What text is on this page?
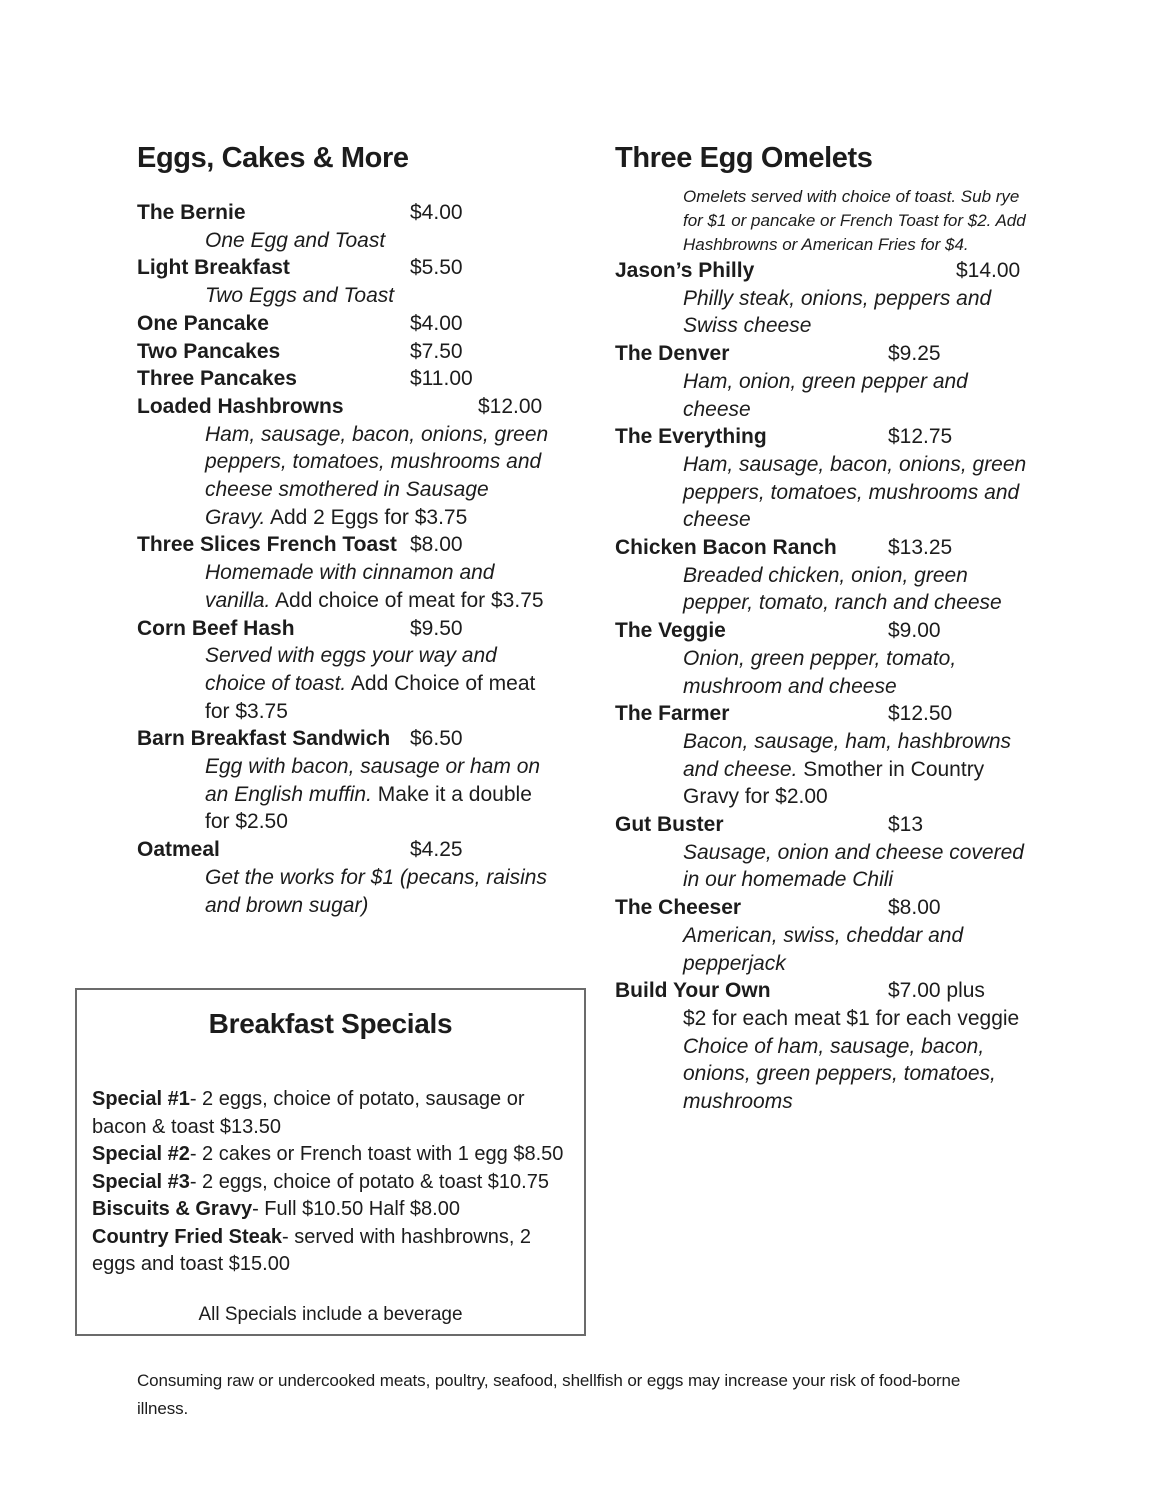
Eggs, Cakes & More
The Bernie	$4.00

One Egg and Toast

Light Breakfast	$5.50

Two Eggs and Toast

One Pancake	$4.00
Two Pancakes	$7.50
Three Pancakes	$11.00
Loaded Hashbrowns	$12.00

Ham, sausage, bacon, onions, green peppers, tomatoes, mushrooms and cheese smothered in Sausage Gravy. Add 2 Eggs for $3.75

Three Slices French Toast $8.00

Homemade with cinnamon and vanilla. Add choice of meat for $3.75

Corn Beef Hash	$9.50

Served with eggs your way and choice of toast. Add Choice of meat for $3.75

Barn Breakfast Sandwich $6.50

Egg with bacon, sausage or ham on an English muffin. Make it a double for $2.50

Oatmeal	$4.25

Get the works for $1 (pecans, raisins and brown sugar)

Three Egg Omelets

Omelets served with choice of toast. Sub rye for $1 or pancake or French Toast for $2. Add Hashbrowns or American Fries for $4.

Jason’s Philly	$14.00

Philly steak, onions, peppers and Swiss cheese

The Denver	$9.25

Ham, onion, green pepper and cheese

The Everything	$12.75

Ham, sausage, bacon, onions, green peppers, tomatoes, mushrooms and cheese

Chicken Bacon Ranch	$13.25

Breaded chicken, onion, green pepper, tomato, ranch and cheese

The Veggie	$9.00

Onion, green pepper, tomato, mushroom and cheese

The Farmer	$12.50

Bacon, sausage, ham, hashbrowns and cheese. Smother in Country Gravy for $2.00

Gut Buster	$13

Sausage, onion and cheese covered in our homemade Chili

The Cheeser	$8.00

American, swiss, cheddar and pepperjack

Build Your Own	$7.00 plus

$2 for each meat $1 for each veggie
Choice of ham, sausage, bacon, onions, green peppers, tomatoes, mushrooms

Breakfast Specials

Special #1- 2 eggs, choice of potato, sausage or bacon & toast $13.50

Special #2- 2 cakes or French toast with 1 egg $8.50

Special #3- 2 eggs, choice of potato & toast $10.75

Biscuits & Gravy- Full $10.50 Half $8.00

Country Fried Steak- served with hashbrowns, 2 eggs and toast $15.00

All Specials include a beverage

Consuming raw or undercooked meats, poultry, seafood, shellfish or eggs may increase your risk of food-borne illness.
